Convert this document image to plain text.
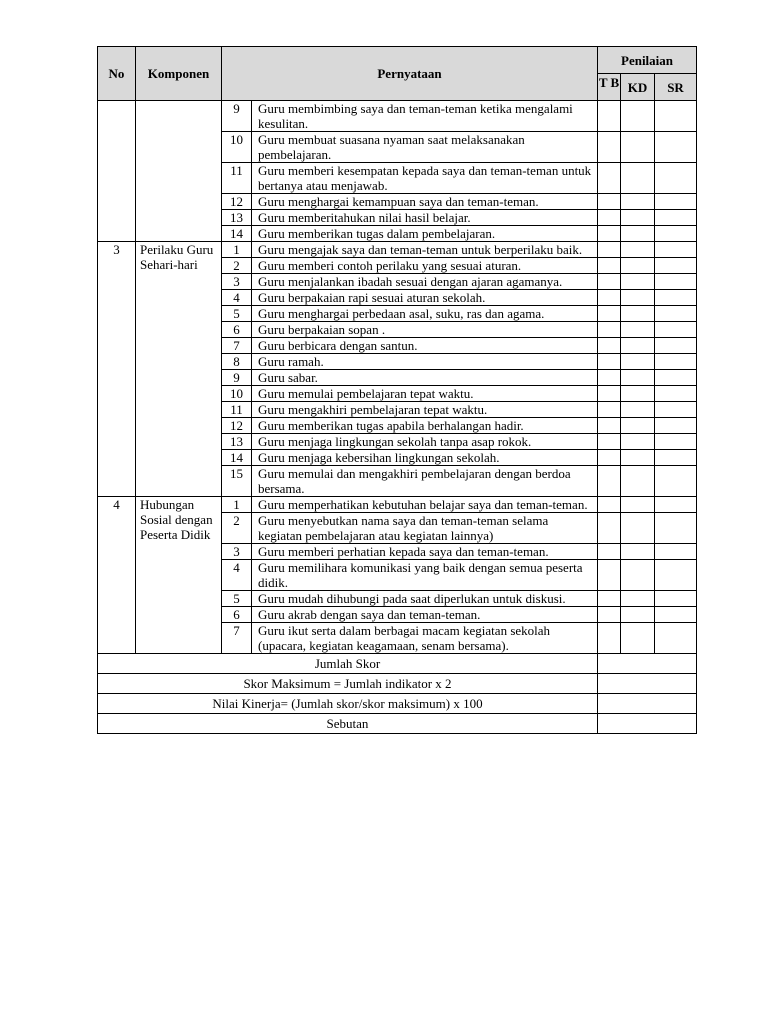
No	Komponen	Pernyataan		Penilaian		

				T B	KD	SR
		9	Guru membimbing saya dan teman-teman ketika mengalami kesulitan.			
		10	Guru membuat suasana nyaman saat melaksanakan pembelajaran.			
		11	Guru memberi kesempatan kepada saya dan teman-teman untuk bertanya atau menjawab.			
		12	Guru menghargai kemampuan saya dan teman-teman.			
		13	Guru memberitahukan nilai hasil belajar.			
		14	Guru memberikan tugas dalam pembelajaran.			
3	Perilaku Guru Sehari-hari	1	Guru mengajak saya dan teman-teman untuk berperilaku baik.			
		2	Guru memberi contoh perilaku yang sesuai aturan.			
		3	Guru menjalankan ibadah sesuai dengan ajaran agamanya.			
		4	Guru berpakaian rapi sesuai aturan sekolah.			
		5	Guru menghargai perbedaan asal, suku, ras dan agama.			
		6	Guru berpakaian sopan .			
		7	Guru berbicara dengan santun.			
		8	Guru ramah.			
		9	Guru sabar.			
		10	Guru memulai pembelajaran tepat waktu.			
		11	Guru mengakhiri pembelajaran tepat waktu.			
		12	Guru memberikan tugas apabila berhalangan hadir.			
		13	Guru menjaga lingkungan sekolah tanpa asap rokok.			
		14	Guru menjaga kebersihan lingkungan sekolah.			
		15	Guru memulai dan mengakhiri pembelajaran dengan berdoa bersama.			
4	Hubungan Sosial dengan Peserta Didik	1	Guru memperhatikan kebutuhan belajar saya dan teman-teman.			
		2	Guru menyebutkan nama saya dan teman-teman selama kegiatan pembelajaran atau kegiatan lainnya)			
		3	Guru memberi perhatian kepada saya dan teman-teman.			
		4	Guru memilihara komunikasi yang baik dengan semua peserta didik.			
		5	Guru mudah dihubungi pada saat diperlukan untuk diskusi.			
		6	Guru akrab dengan saya dan teman-teman.			
		7	Guru ikut serta dalam berbagai macam kegiatan sekolah (upacara, kegiatan keagamaan, senam bersama).			
Jumlah Skor						
Skor Maksimum = Jumlah indikator x 2						
Nilai Kinerja= (Jumlah skor/skor maksimum) x 100						
Sebutan						
